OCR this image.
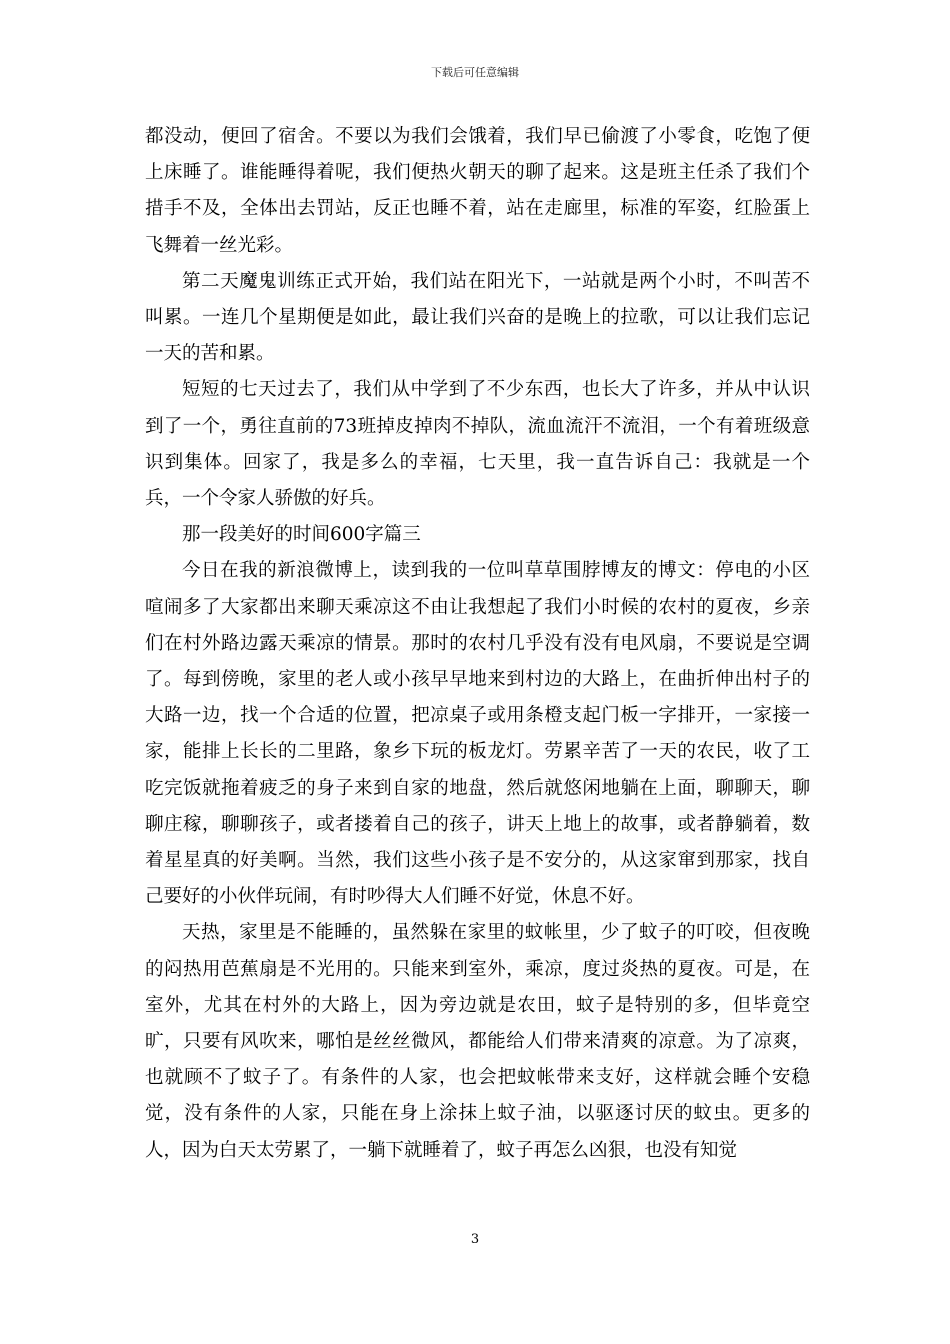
下载后可任意编辑

都没动，便回了宿舍。不要以为我们会饿着，我们早已偷渡了小零食，吃饱了便上床睡了。谁能睡得着呢，我们便热火朝天的聊了起来。这是班主任杀了我们个措手不及，全体出去罚站，反正也睡不着，站在走廊里，标准的军姿，红脸蛋上飞舞着一丝光彩。

第二天魔鬼训练正式开始，我们站在阳光下，一站就是两个小时，不叫苦不叫累。一连几个星期便是如此，最让我们兴奋的是晚上的拉歌，可以让我们忘记一天的苦和累。

短短的七天过去了，我们从中学到了不少东西，也长大了许多，并从中认识到了一个，勇往直前的73班掉皮掉肉不掉队，流血流汗不流泪，一个有着班级意识到集体。回家了，我是多么的幸福，七天里，我一直告诉自己：我就是一个兵，一个令家人骄傲的好兵。

那一段美好的时间600字篇三

今日在我的新浪微博上，读到我的一位叫草草围脖博友的博文：停电的小区喧闹多了大家都出来聊天乘凉这不由让我想起了我们小时候的农村的夏夜，乡亲们在村外路边露天乘凉的情景。那时的农村几乎没有没有电风扇，不要说是空调了。每到傍晚，家里的老人或小孩早早地来到村边的大路上，在曲折伸出村子的大路一边，找一个合适的位置，把凉桌子或用条橙支起门板一字排开，一家接一家，能排上长长的二里路，象乡下玩的板龙灯。劳累辛苦了一天的农民，收了工吃完饭就拖着疲乏的身子来到自家的地盘，然后就悠闲地躺在上面，聊聊天，聊聊庄稼，聊聊孩子，或者搂着自己的孩子，讲天上地上的故事，或者静躺着，数着星星真的好美啊。当然，我们这些小孩子是不安分的，从这家窜到那家，找自己要好的小伙伴玩闹，有时吵得大人们睡不好觉，休息不好。

天热，家里是不能睡的，虽然躲在家里的蚊帐里，少了蚊子的叮咬，但夜晚的闷热用芭蕉扇是不光用的。只能来到室外，乘凉，度过炎热的夏夜。可是，在室外，尤其在村外的大路上，因为旁边就是农田，蚊子是特别的多，但毕竟空旷，只要有风吹来，哪怕是丝丝微风，都能给人们带来清爽的凉意。为了凉爽，也就顾不了蚊子了。有条件的人家，也会把蚊帐带来支好，这样就会睡个安稳觉，没有条件的人家，只能在身上涂抹上蚊子油，以驱逐讨厌的蚊虫。更多的人，因为白天太劳累了，一躺下就睡着了，蚊子再怎么凶狠，也没有知觉

3
